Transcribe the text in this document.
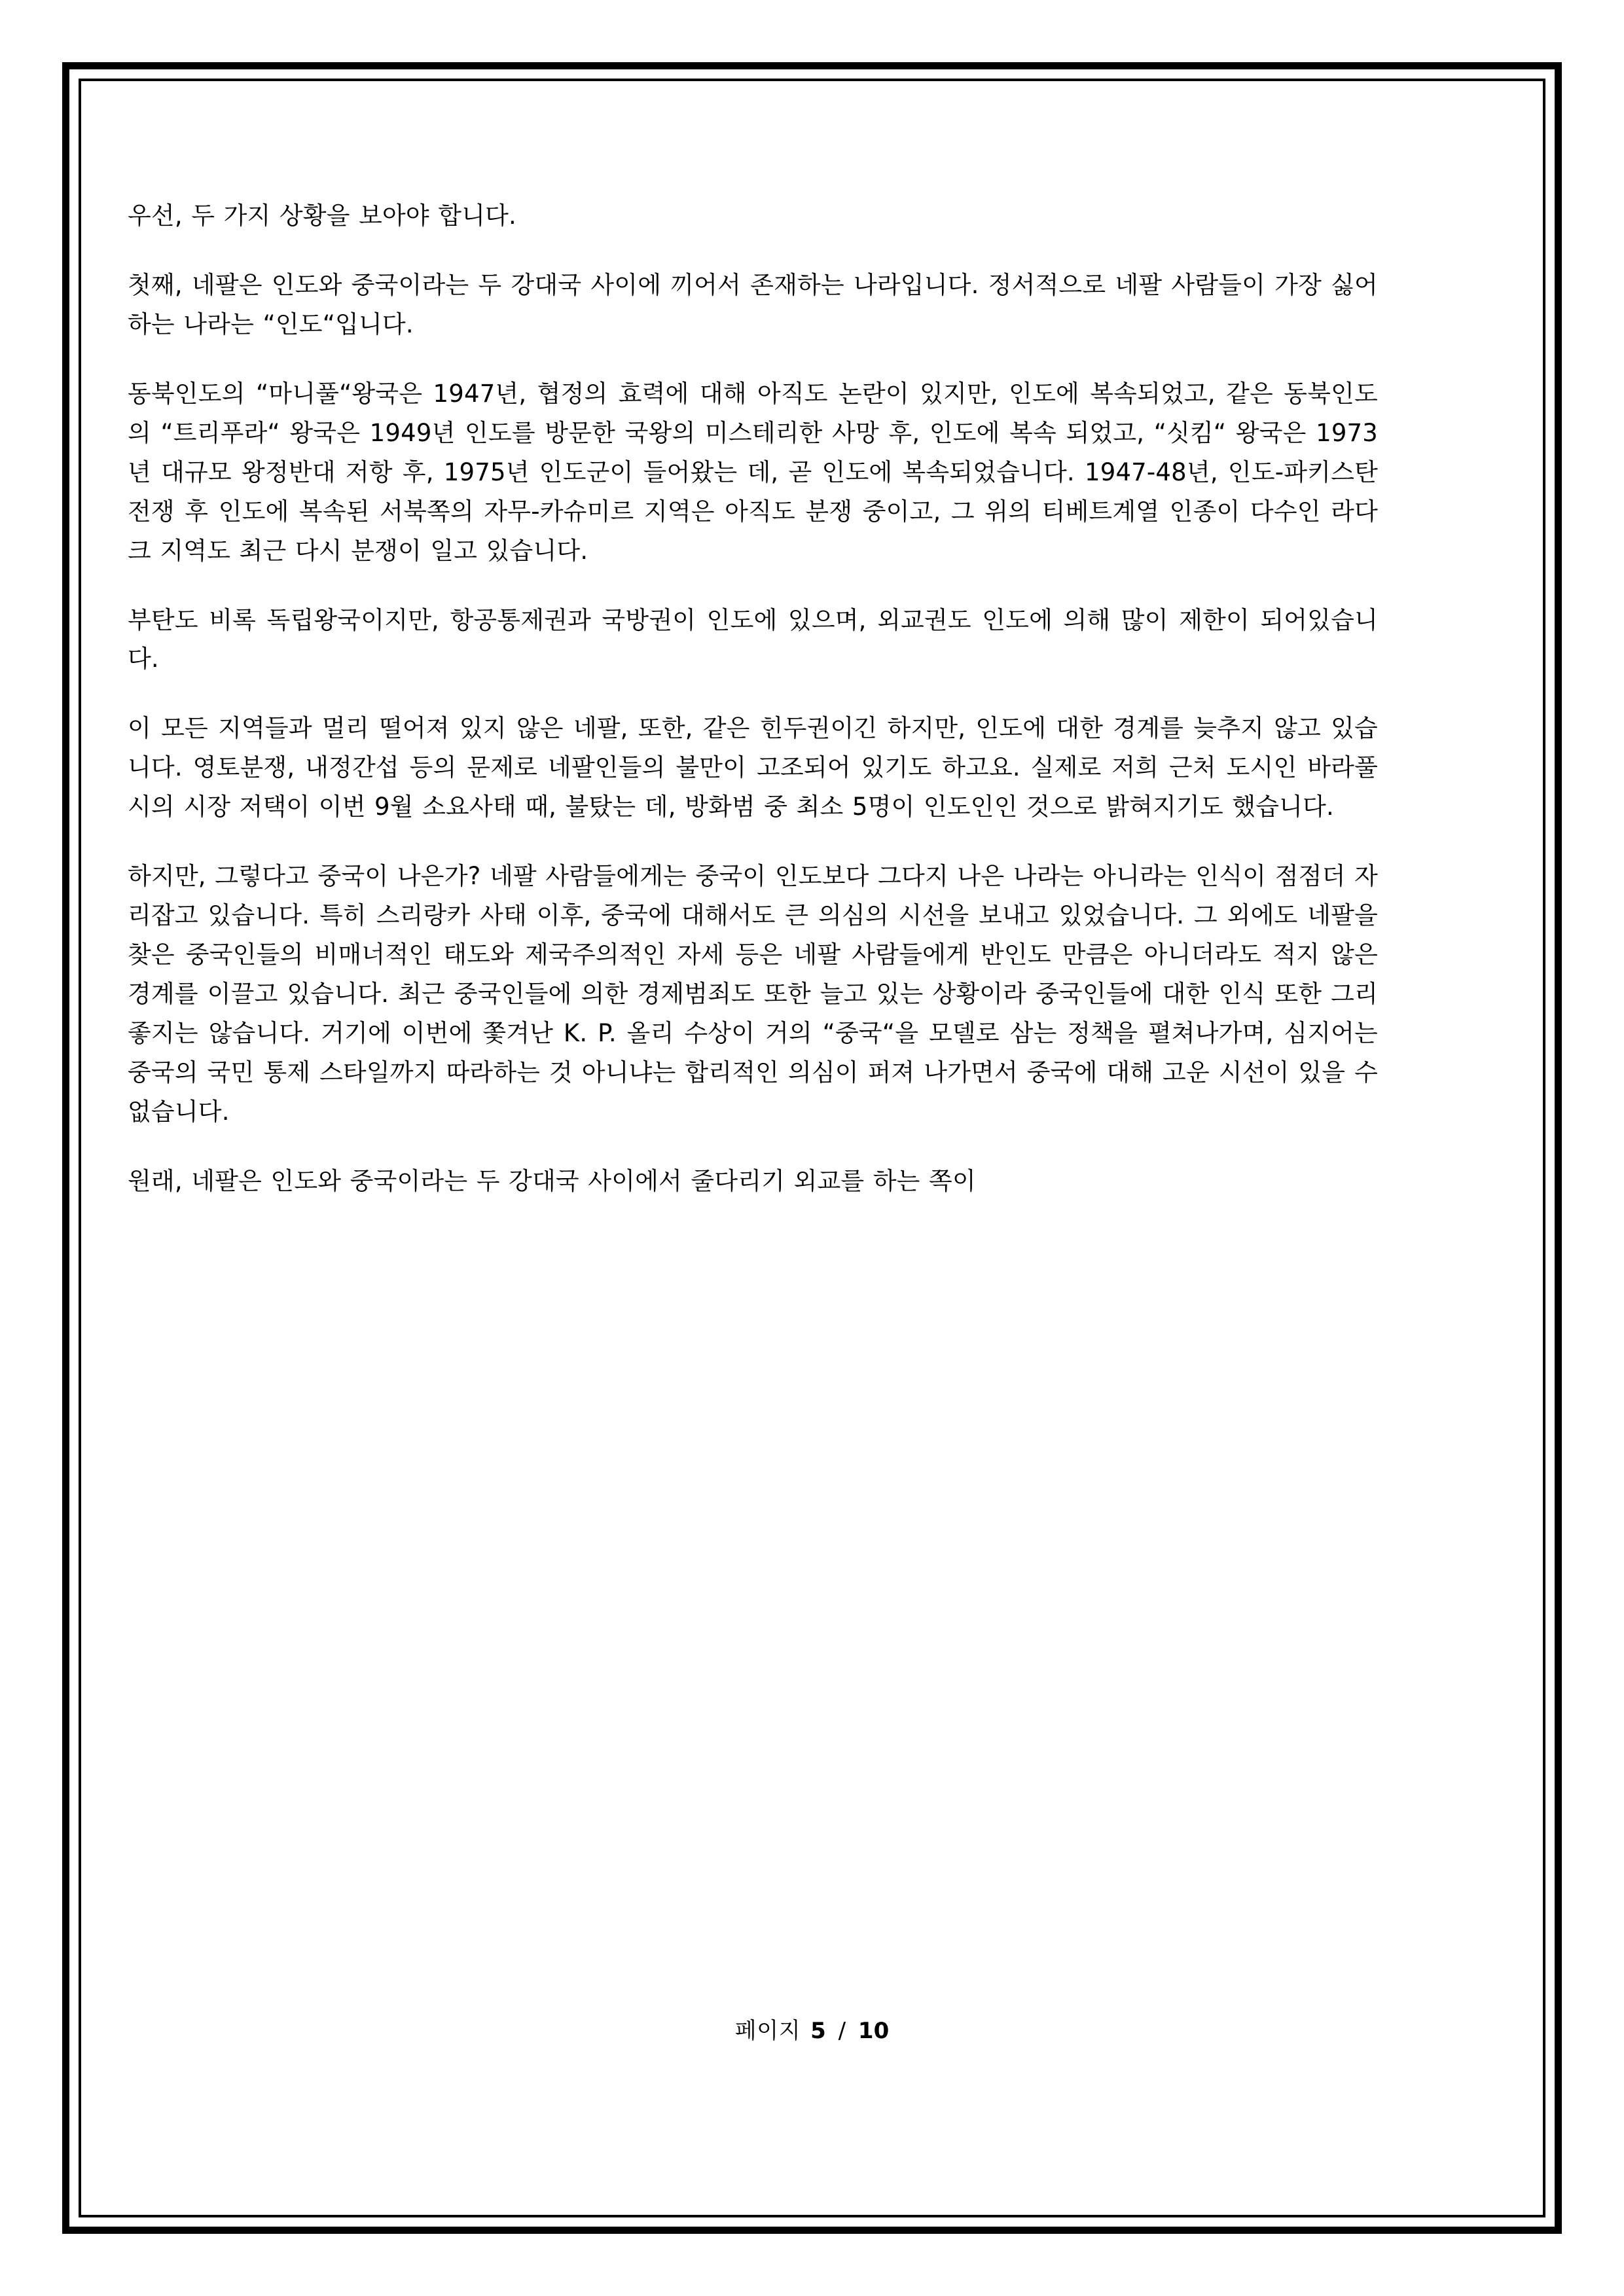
우선, 두 가지 상황을 보아야 합니다.

첫째, 네팔은 인도와 중국이라는 두 강대국 사이에 끼어서 존재하는 나라입니다. 정서적으로 네팔 사람들이 가장 싫어하는 나라는 “인도“입니다.

동북인도의 “마니풀“왕국은 1947년, 협정의 효력에 대해 아직도 논란이 있지만, 인도에 복속되었고, 같은 동북인도의 “트리푸라“ 왕국은 1949년 인도를 방문한 국왕의 미스테리한 사망 후, 인도에 복속 되었고, “싯킴“ 왕국은 1973년 대규모 왕정반대 저항 후, 1975년 인도군이 들어왔는 데, 곧 인도에 복속되었습니다. 1947-48년, 인도-파키스탄 전쟁 후 인도에 복속된 서북쪽의 자무-카슈미르 지역은 아직도 분쟁 중이고, 그 위의 티베트계열 인종이 다수인 라다크 지역도 최근 다시 분쟁이 일고 있습니다.

부탄도 비록 독립왕국이지만, 항공통제권과 국방권이 인도에 있으며, 외교권도 인도에 의해 많이 제한이 되어있습니다.

이 모든 지역들과 멀리 떨어져 있지 않은 네팔, 또한, 같은 힌두권이긴 하지만, 인도에 대한 경계를 늦추지 않고 있습니다. 영토분쟁, 내정간섭 등의 문제로 네팔인들의 불만이 고조되어 있기도 하고요. 실제로 저희 근처 도시인 바라풀 시의 시장 저택이 이번 9월 소요사태 때, 불탔는 데, 방화범 중 최소 5명이 인도인인 것으로 밝혀지기도 했습니다.

하지만, 그렇다고 중국이 나은가? 네팔 사람들에게는 중국이 인도보다 그다지 나은 나라는 아니라는 인식이 점점더 자리잡고 있습니다. 특히 스리랑카 사태 이후, 중국에 대해서도 큰 의심의 시선을 보내고 있었습니다. 그 외에도 네팔을 찾은 중국인들의 비매너적인 태도와 제국주의적인 자세 등은 네팔 사람들에게 반인도 만큼은 아니더라도 적지 않은 경계를 이끌고 있습니다. 최근 중국인들에 의한 경제범죄도 또한 늘고 있는 상황이라 중국인들에 대한 인식 또한 그리 좋지는 않습니다. 거기에 이번에 쫓겨난 K. P. 올리 수상이 거의 “중국“을 모델로 삼는 정책을 펼쳐나가며, 심지어는 중국의 국민 통제 스타일까지 따라하는 것 아니냐는 합리적인 의심이 퍼져 나가면서 중국에 대해 고운 시선이 있을 수 없습니다.

원래, 네팔은 인도와 중국이라는 두 강대국 사이에서 줄다리기 외교를 하는 쪽이

페이지 5 / 10
